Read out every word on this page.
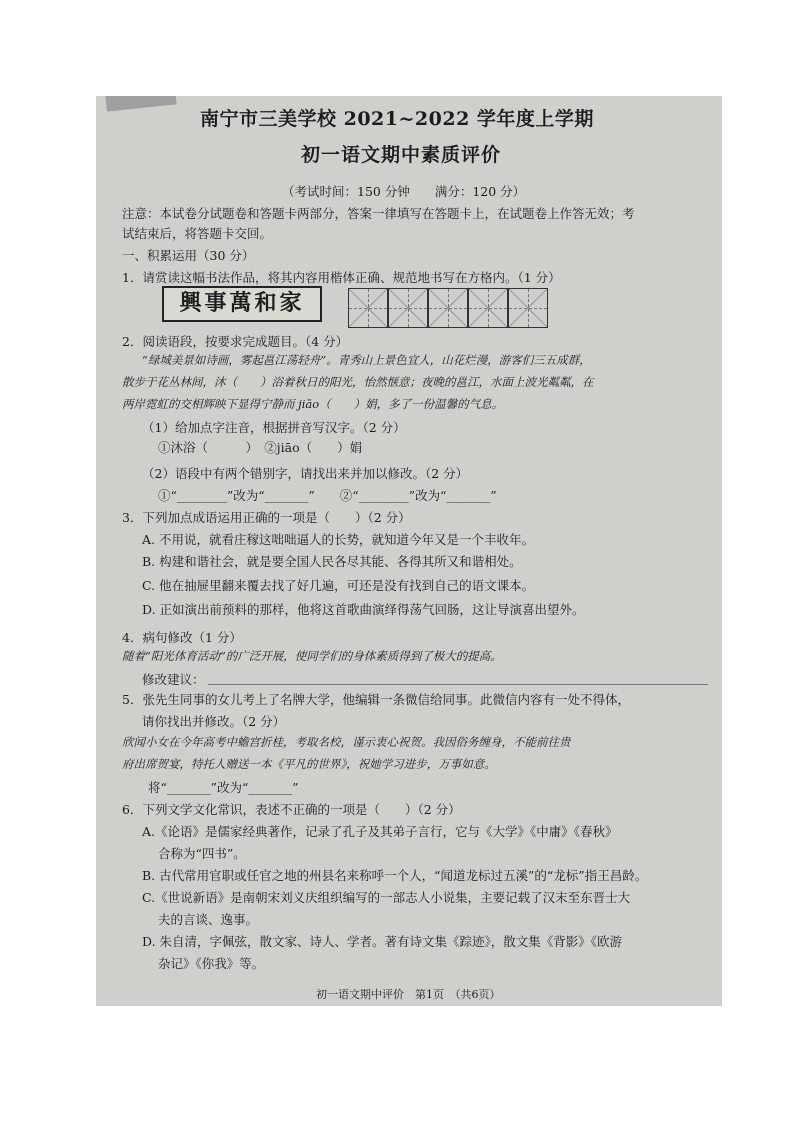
南宁市三美学校 2021~2022 学年度上学期
初一语文期中素质评价
（考试时间：150 分钟　　满分：120 分）
注意：本试卷分试题卷和答题卡两部分，答案一律填写在答题卡上，在试题卷上作答无效；考
试结束后，将答题卡交回。
一、积累运用（30 分）
1．请赏读这幅书法作品，将其内容用楷体正确、规范地书写在方格内。（1 分）
興事萬和家
2．阅读语段，按要求完成题目。（4 分）
“绿城美景如诗画，雾起邕江荡轻舟”。青秀山上景色宜人，山花烂漫，游客们三五成群，
散步于花丛林间，沐（　　）浴着秋日的阳光，怡然惬意；夜晚的邕江，水面上波光粼粼，在
两岸霓虹的交相辉映下显得宁静而 jiāo（　　）娟，多了一份温馨的气息。
（1）给加点字注音，根据拼音写汉字。（2 分）
①沐浴（　　　）　②jiāo（　　）娟
（2）语段中有两个错别字，请找出来并加以修改。（2 分）
①“________”改为“_______”　　②“________”改为“_______”
3．下列加点成语运用正确的一项是（　　）（2 分）
A. 不用说，就看庄稼这咄咄逼人的长势，就知道今年又是一个丰收年。
B. 构建和谐社会，就是要全国人民各尽其能、各得其所又和谐相处。
C. 他在抽屉里翻来覆去找了好几遍，可还是没有找到自己的语文课本。
D. 正如演出前预料的那样，他将这首歌曲演绎得荡气回肠，这让导演喜出望外。
4．病句修改（1 分）
随着“阳光体育活动”的广泛开展，使同学们的身体素质得到了极大的提高。
修改建议：
5．张先生同事的女儿考上了名牌大学，他编辑一条微信给同事。此微信内容有一处不得体，
请你找出并修改。（2 分）
欣闻小女在今年高考中蟾宫折桂，考取名校，谨示衷心祝贺。我因俗务缠身，不能前往贵
府出席贺宴，特托人赠送一本《平凡的世界》，祝她学习进步，万事如意。
将“_______”改为“_______”
6．下列文学文化常识，表述不正确的一项是（　　）（2 分）
A.《论语》是儒家经典著作，记录了孔子及其弟子言行，它与《大学》《中庸》《春秋》
合称为“四书”。
B. 古代常用官职或任官之地的州县名来称呼一个人，“闻道龙标过五溪”的“龙标”指王昌龄。
C.《世说新语》是南朝宋刘义庆组织编写的一部志人小说集，主要记载了汉末至东晋士大
夫的言谈、逸事。
D. 朱自清，字佩弦，散文家、诗人、学者。著有诗文集《踪迹》，散文集《背影》《欧游
杂记》《你我》等。
初一语文期中评价　第1页　（共6页）
